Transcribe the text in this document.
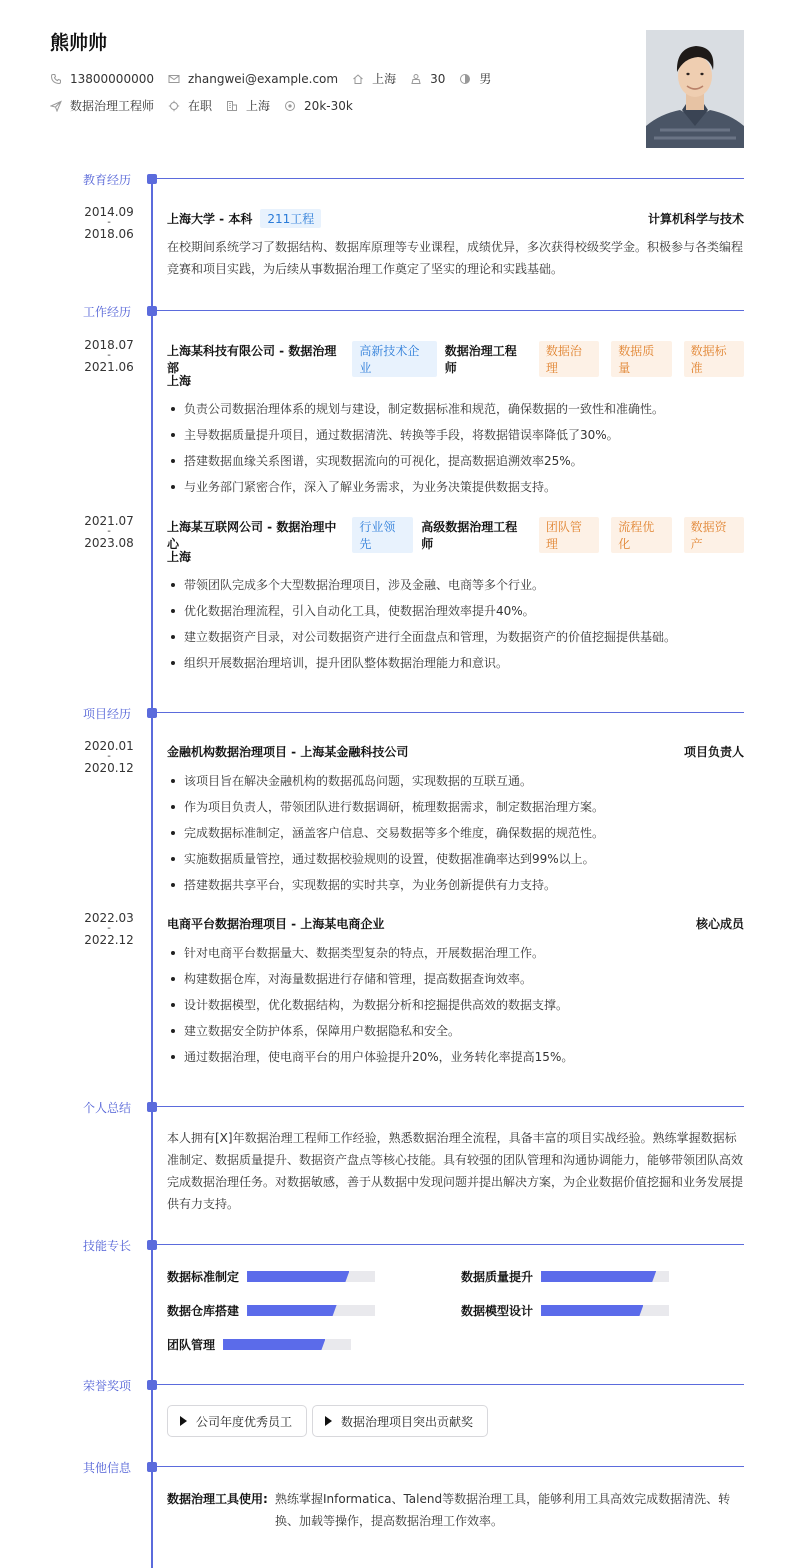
熊帅帅
13800000000	zhangwei@example.com	上海	30	男
数据治理工程师	在职	上海	20k-30k
教育经历
2014.09
-
2018.06
上海大学 - 本科	211工程	计算机科学与技术
在校期间系统学习了数据结构、数据库原理等专业课程，成绩优异，多次获得校级奖学金。积极参与各类编程竞赛和项目实践，为后续从事数据治理工作奠定了坚实的理论和实践基础。
工作经历
2018.07
-
2021.06
上海某科技有限公司 - 数据治理部
高新技术企业
数据治理工程师
数据治理
数据质量
数据标准
上海
负责公司数据治理体系的规划与建设，制定数据标准和规范，确保数据的一致性和准确性。
主导数据质量提升项目，通过数据清洗、转换等手段，将数据错误率降低了30%。
搭建数据血缘关系图谱，实现数据流向的可视化，提高数据追溯效率25%。
与业务部门紧密合作，深入了解业务需求，为业务决策提供数据支持。
2021.07
-
2023.08
上海某互联网公司 - 数据治理中心
行业领先
高级数据治理工程师
团队管理
流程优化
数据资产
上海
带领团队完成多个大型数据治理项目，涉及金融、电商等多个行业。
优化数据治理流程，引入自动化工具，使数据治理效率提升40%。
建立数据资产目录，对公司数据资产进行全面盘点和管理，为数据资产的价值挖掘提供基础。
组织开展数据治理培训，提升团队整体数据治理能力和意识。
项目经历
2020.01
-
2020.12
金融机构数据治理项目 - 上海某金融科技公司	项目负责人
该项目旨在解决金融机构的数据孤岛问题，实现数据的互联互通。
作为项目负责人，带领团队进行数据调研，梳理数据需求，制定数据治理方案。
完成数据标准制定，涵盖客户信息、交易数据等多个维度，确保数据的规范性。
实施数据质量管控，通过数据校验规则的设置，使数据准确率达到99%以上。
搭建数据共享平台，实现数据的实时共享，为业务创新提供有力支持。
2022.03
-
2022.12
电商平台数据治理项目 - 上海某电商企业	核心成员
针对电商平台数据量大、数据类型复杂的特点，开展数据治理工作。
构建数据仓库，对海量数据进行存储和管理，提高数据查询效率。
设计数据模型，优化数据结构，为数据分析和挖掘提供高效的数据支撑。
建立数据安全防护体系，保障用户数据隐私和安全。
通过数据治理，使电商平台的用户体验提升20%，业务转化率提高15%。
个人总结
本人拥有[X]年数据治理工程师工作经验，熟悉数据治理全流程，具备丰富的项目实战经验。熟练掌握数据标准制定、数据质量提升、数据资产盘点等核心技能。具有较强的团队管理和沟通协调能力，能够带领团队高效完成数据治理任务。对数据敏感，善于从数据中发现问题并提出解决方案，为企业数据价值挖掘和业务发展提供有力支持。
技能专长
数据标准制定	数据质量提升
数据仓库搭建	数据模型设计
团队管理
荣誉奖项
公司年度优秀员工	数据治理项目突出贡献奖
其他信息
数据治理工具使用: 熟练掌握Informatica、Talend等数据治理工具，能够利用工具高效完成数据清洗、转换、加载等操作，提高数据治理工作效率。
